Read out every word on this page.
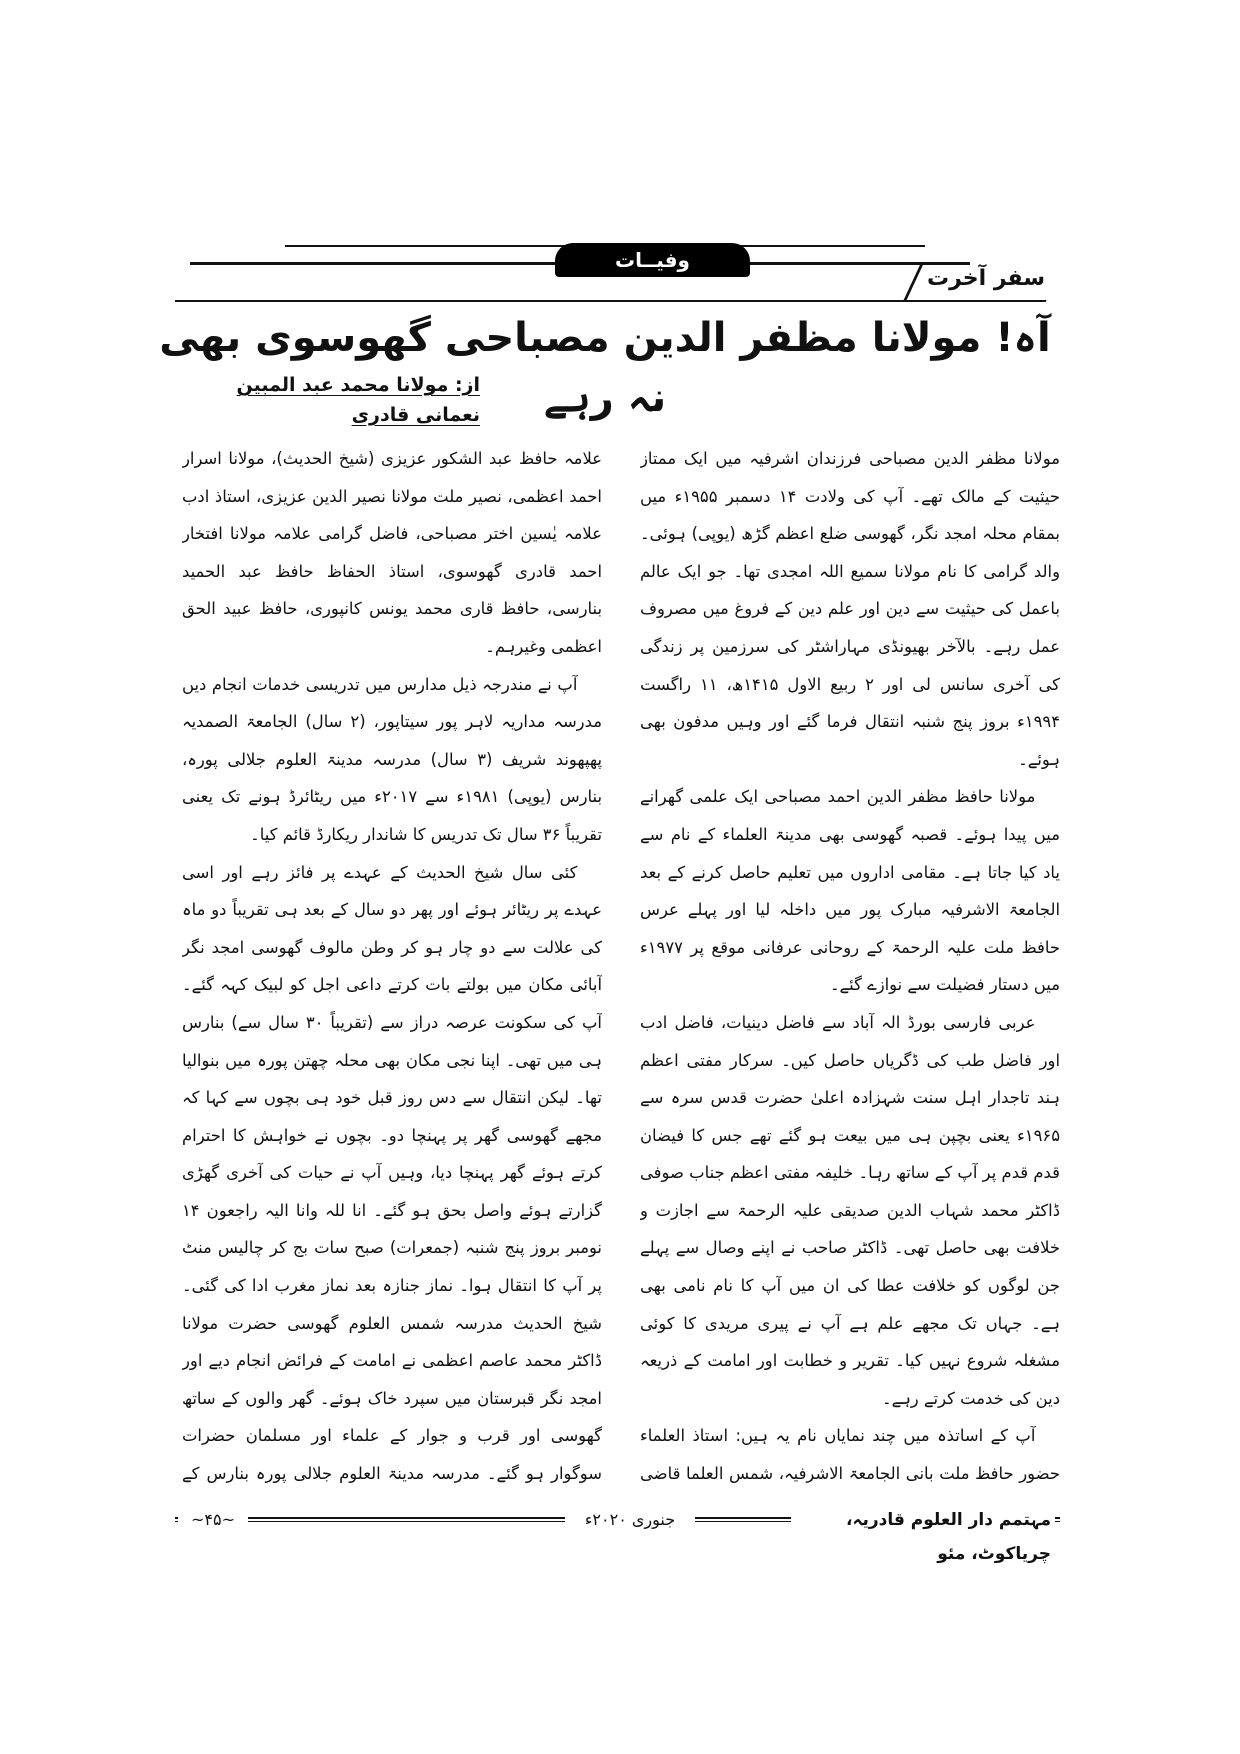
وفیــات
سفر آخرت
آہ! مولانا مظفر الدین مصباحی گھوسوی بھی نہ رہے
از: مولانا محمد عبد المبین نعمانی قادری

مولانا مظفر الدین مصباحی فرزندان اشرفیہ میں ایک ممتاز حیثیت کے مالک تھے۔ آپ کی ولادت ۱۴ دسمبر ۱۹۵۵ء میں بمقام محلہ امجد نگر، گھوسی ضلع اعظم گڑھ (یوپی) ہوئی۔ والد گرامی کا نام مولانا سمیع اللہ امجدی تھا۔ جو ایک عالم باعمل کی حیثیت سے دین اور علم دین کے فروغ میں مصروف عمل رہے۔ بالآخر بھیونڈی مہاراشٹر کی سرزمین پر زندگی کی آخری سانس لی اور ۲ ربیع الاول ۱۴۱۵ھ، ۱۱ راگست ۱۹۹۴ء بروز پنج شنبہ انتقال فرما گئے اور وہیں مدفون بھی ہوئے۔

مولانا حافظ مظفر الدین احمد مصباحی ایک علمی گھرانے میں پیدا ہوئے۔ قصبہ گھوسی بھی مدینۃ العلماء کے نام سے یاد کیا جاتا ہے۔ مقامی اداروں میں تعلیم حاصل کرنے کے بعد الجامعۃ الاشرفیہ مبارک پور میں داخلہ لیا اور پہلے عرس حافظ ملت علیہ الرحمۃ کے روحانی عرفانی موقع پر ۱۹۷۷ء میں دستار فضیلت سے نوازے گئے۔

عربی فارسی بورڈ الہ آباد سے فاضل دینیات، فاضل ادب اور فاضل طب کی ڈگریاں حاصل کیں۔ سرکار مفتی اعظم ہند تاجدار اہل سنت شہزادہ اعلیٰ حضرت قدس سرہ سے ۱۹۶۵ء یعنی بچپن ہی میں بیعت ہو گئے تھے جس کا فیضان قدم قدم پر آپ کے ساتھ رہا۔ خلیفہ مفتی اعظم جناب صوفی ڈاکٹر محمد شہاب الدین صدیقی علیہ الرحمۃ سے اجازت و خلافت بھی حاصل تھی۔ ڈاکٹر صاحب نے اپنے وصال سے پہلے جن لوگوں کو خلافت عطا کی ان میں آپ کا نام نامی بھی ہے۔ جہاں تک مجھے علم ہے آپ نے پیری مریدی کا کوئی مشغلہ شروع نہیں کیا۔ تقریر و خطابت اور امامت کے ذریعہ دین کی خدمت کرتے رہے۔

آپ کے اساتذہ میں چند نمایاں نام یہ ہیں: استاذ العلماء حضور حافظ ملت بانی الجامعۃ الاشرفیہ، شمس العلما قاضی

علامہ حافظ عبد الشکور عزیزی (شیخ الحدیث)، مولانا اسرار احمد اعظمی، نصیر ملت مولانا نصیر الدین عزیزی، استاذ ادب علامہ یٰسین اختر مصباحی، فاضل گرامی علامہ مولانا افتخار احمد قادری گھوسوی، استاذ الحفاظ حافظ عبد الحمید بنارسی، حافظ قاری محمد یونس کانپوری، حافظ عبید الحق اعظمی وغیرہم۔

آپ نے مندرجہ ذیل مدارس میں تدریسی خدمات انجام دیں مدرسہ مداریہ لاہر پور سیتاپور، (۲ سال) الجامعۃ الصمدیہ پھپھوند شریف (۳ سال) مدرسہ مدینۃ العلوم جلالی پورہ، بنارس (یوپی) ۱۹۸۱ء سے ۲۰۱۷ء میں ریٹائرڈ ہونے تک یعنی تقریباً ۳۶ سال تک تدریس کا شاندار ریکارڈ قائم کیا۔

کئی سال شیخ الحدیث کے عہدے پر فائز رہے اور اسی عہدے پر ریٹائر ہوئے اور پھر دو سال کے بعد ہی تقریباً دو ماہ کی علالت سے دو چار ہو کر وطن مالوف گھوسی امجد نگر آبائی مکان میں بولتے بات کرتے داعی اجل کو لبیک کہہ گئے۔ آپ کی سکونت عرصہ دراز سے (تقریباً ۳۰ سال سے) بنارس ہی میں تھی۔ اپنا نجی مکان بھی محلہ چھتن پورہ میں بنوالیا تھا۔ لیکن انتقال سے دس روز قبل خود ہی بچوں سے کہا کہ مجھے گھوسی گھر پر پہنچا دو۔ بچوں نے خواہش کا احترام کرتے ہوئے گھر پہنچا دیا، وہیں آپ نے حیات کی آخری گھڑی گزارتے ہوئے واصل بحق ہو گئے۔ انا للہ وانا الیہ راجعون ۱۴ نومبر بروز پنج شنبہ (جمعرات) صبح سات بج کر چالیس منٹ پر آپ کا انتقال ہوا۔ نماز جنازہ بعد نماز مغرب ادا کی گئی۔ شیخ الحدیث مدرسہ شمس العلوم گھوسی حضرت مولانا ڈاکٹر محمد عاصم اعظمی نے امامت کے فرائض انجام دیے اور امجد نگر قبرستان میں سپرد خاک ہوئے۔ گھر والوں کے ساتھ گھوسی اور قرب و جوار کے علماء اور مسلمان حضرات سوگوار ہو گئے۔ مدرسہ مدینۃ العلوم جلالی پورہ بنارس کے

مہتمم دار العلوم قادریہ، چریاکوٹ، مئو
جنوری ۲۰۲۰ء
~۴۵~
